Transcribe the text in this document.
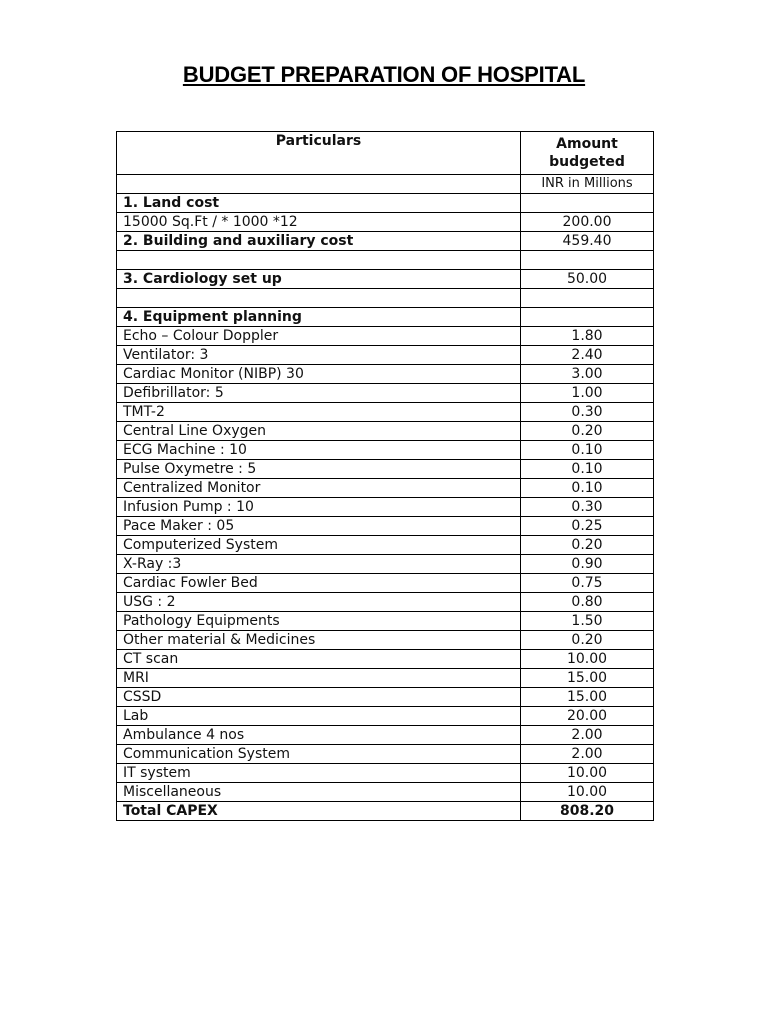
BUDGET PREPARATION OF HOSPITAL
Particulars	Amount budgeted
	INR in Millions
1. Land cost	
15000 Sq.Ft / * 1000 *12	200.00
2. Building and auxiliary cost	459.40

3. Cardiology set up	50.00

4. Equipment planning	
Echo – Colour Doppler	1.80
Ventilator: 3	2.40
Cardiac Monitor (NIBP) 30	3.00
Defibrillator: 5	1.00
TMT-2	0.30
Central Line Oxygen	0.20
ECG Machine : 10	0.10
Pulse Oxymetre : 5	0.10
Centralized Monitor	0.10
Infusion Pump : 10	0.30
Pace Maker : 05	0.25
Computerized System	0.20
X-Ray :3	0.90
Cardiac Fowler Bed	0.75
USG : 2	0.80
Pathology Equipments	1.50
Other material & Medicines	0.20
CT scan	10.00
MRI	15.00
CSSD	15.00
Lab	20.00
Ambulance 4 nos	2.00
Communication System	2.00
IT system	10.00
Miscellaneous	10.00
Total CAPEX	808.20
